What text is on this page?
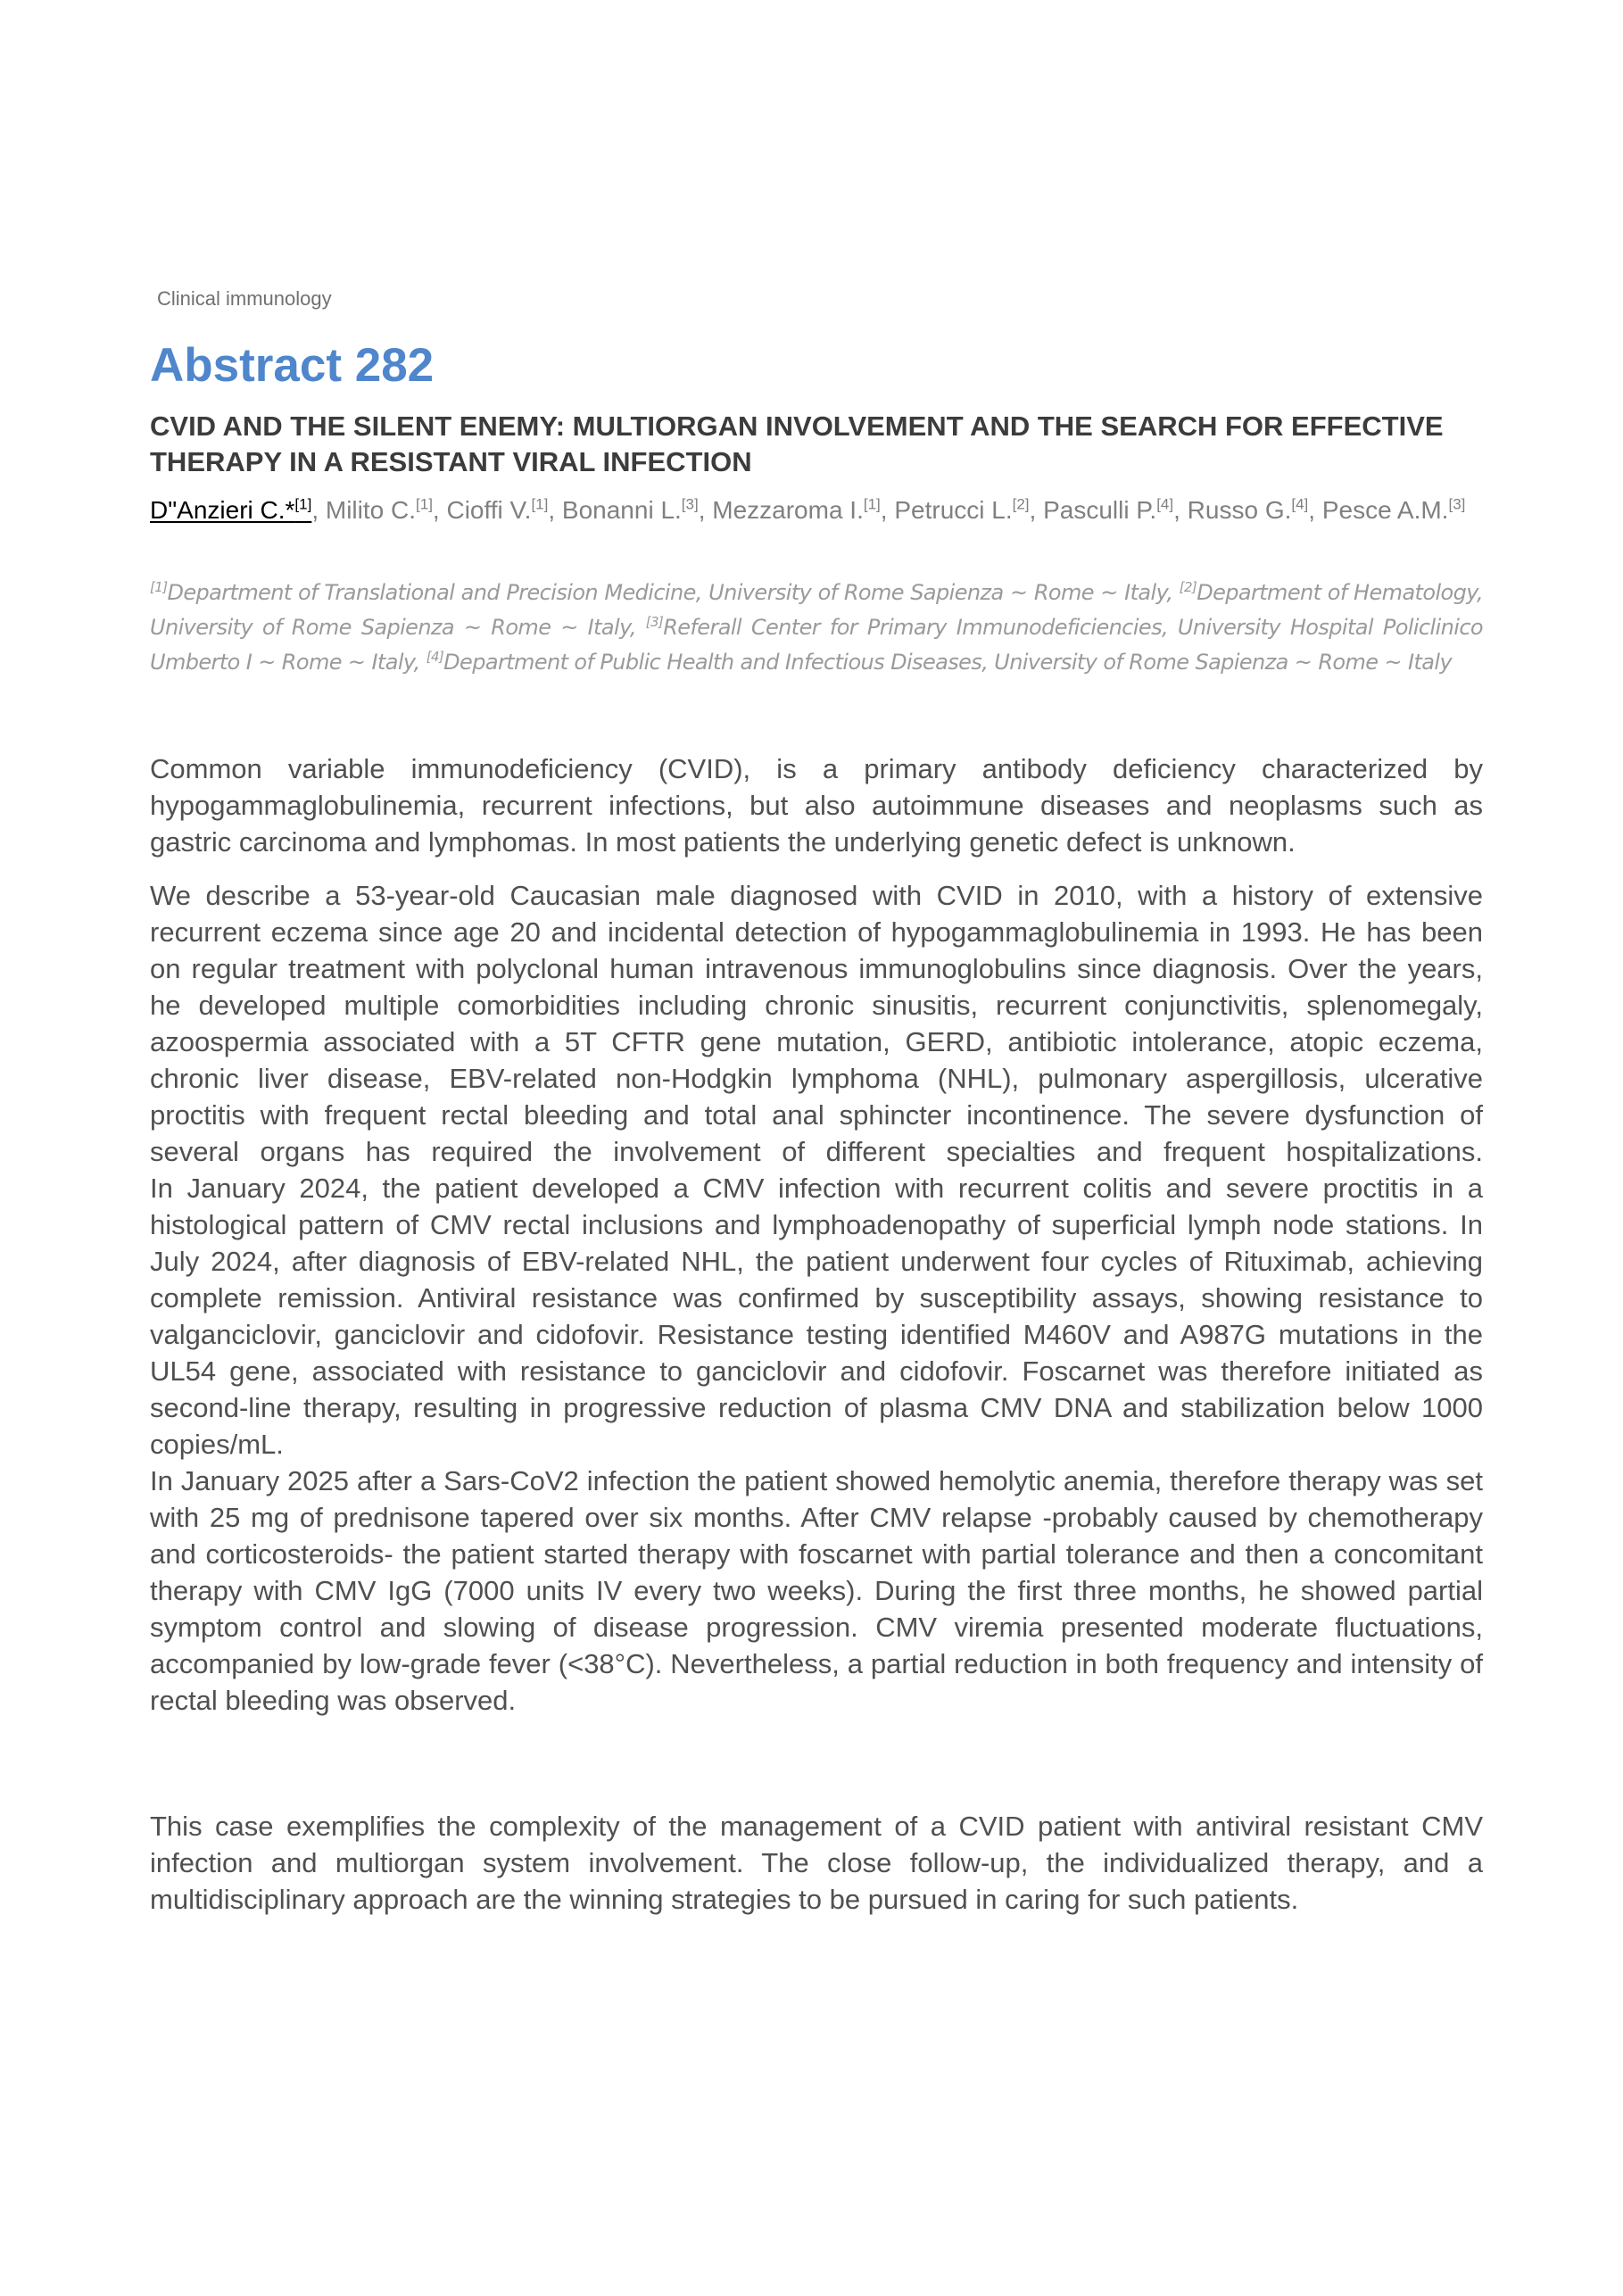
Clinical immunology
Abstract 282
CVID AND THE SILENT ENEMY: MULTIORGAN INVOLVEMENT AND THE SEARCH FOR EFFECTIVE THERAPY IN A RESISTANT VIRAL INFECTION
D"Anzieri C.*[1], Milito C.[1], Cioffi V.[1], Bonanni L.[3], Mezzaroma I.[1], Petrucci L.[2], Pasculli P.[4], Russo G.[4], Pesce A.M.[3]
[1]Department of Translational and Precision Medicine, University of Rome Sapienza ~ Rome ~ Italy, [2]Department of Hematology, University of Rome Sapienza ~ Rome ~ Italy, [3]Referall Center for Primary Immunodeficiencies, University Hospital Policlinico Umberto I ~ Rome ~ Italy, [4]Department of Public Health and Infectious Diseases, University of Rome Sapienza ~ Rome ~ Italy

Common variable immunodeficiency (CVID), is a primary antibody deficiency characterized by hypogammaglobulinemia, recurrent infections, but also autoimmune diseases and neoplasms such as gastric carcinoma and lymphomas. In most patients the underlying genetic defect is unknown.

We describe a 53-year-old Caucasian male diagnosed with CVID in 2010, with a history of extensive recurrent eczema since age 20 and incidental detection of hypogammaglobulinemia in 1993. He has been on regular treatment with polyclonal human intravenous immunoglobulins since diagnosis. Over the years, he developed multiple comorbidities including chronic sinusitis, recurrent conjunctivitis, splenomegaly, azoospermia associated with a 5T CFTR gene mutation, GERD, antibiotic intolerance, atopic eczema, chronic liver disease, EBV-related non-Hodgkin lymphoma (NHL), pulmonary aspergillosis, ulcerative proctitis with frequent rectal bleeding and total anal sphincter incontinence. The severe dysfunction of several organs has required the involvement of different specialties and frequent hospitalizations.
In January 2024, the patient developed a CMV infection with recurrent colitis and severe proctitis in a histological pattern of CMV rectal inclusions and lymphoadenopathy of superficial lymph node stations. In July 2024, after diagnosis of EBV-related NHL, the patient underwent four cycles of Rituximab, achieving complete remission. Antiviral resistance was confirmed by susceptibility assays, showing resistance to valganciclovir, ganciclovir and cidofovir. Resistance testing identified M460V and A987G mutations in the UL54 gene, associated with resistance to ganciclovir and cidofovir. Foscarnet was therefore initiated as second-line therapy, resulting in progressive reduction of plasma CMV DNA and stabilization below 1000 copies/mL.
In January 2025 after a Sars-CoV2 infection the patient showed hemolytic anemia, therefore therapy was set with 25 mg of prednisone tapered over six months. After CMV relapse -probably caused by chemotherapy and corticosteroids- the patient started therapy with foscarnet with partial tolerance and then a concomitant therapy with CMV IgG (7000 units IV every two weeks). During the first three months, he showed partial symptom control and slowing of disease progression. CMV viremia presented moderate fluctuations, accompanied by low-grade fever (<38°C). Nevertheless, a partial reduction in both frequency and intensity of rectal bleeding was observed.

This case exemplifies the complexity of the management of a CVID patient with antiviral resistant CMV infection and multiorgan system involvement. The close follow-up, the individualized therapy, and a multidisciplinary approach are the winning strategies to be pursued in caring for such patients.
